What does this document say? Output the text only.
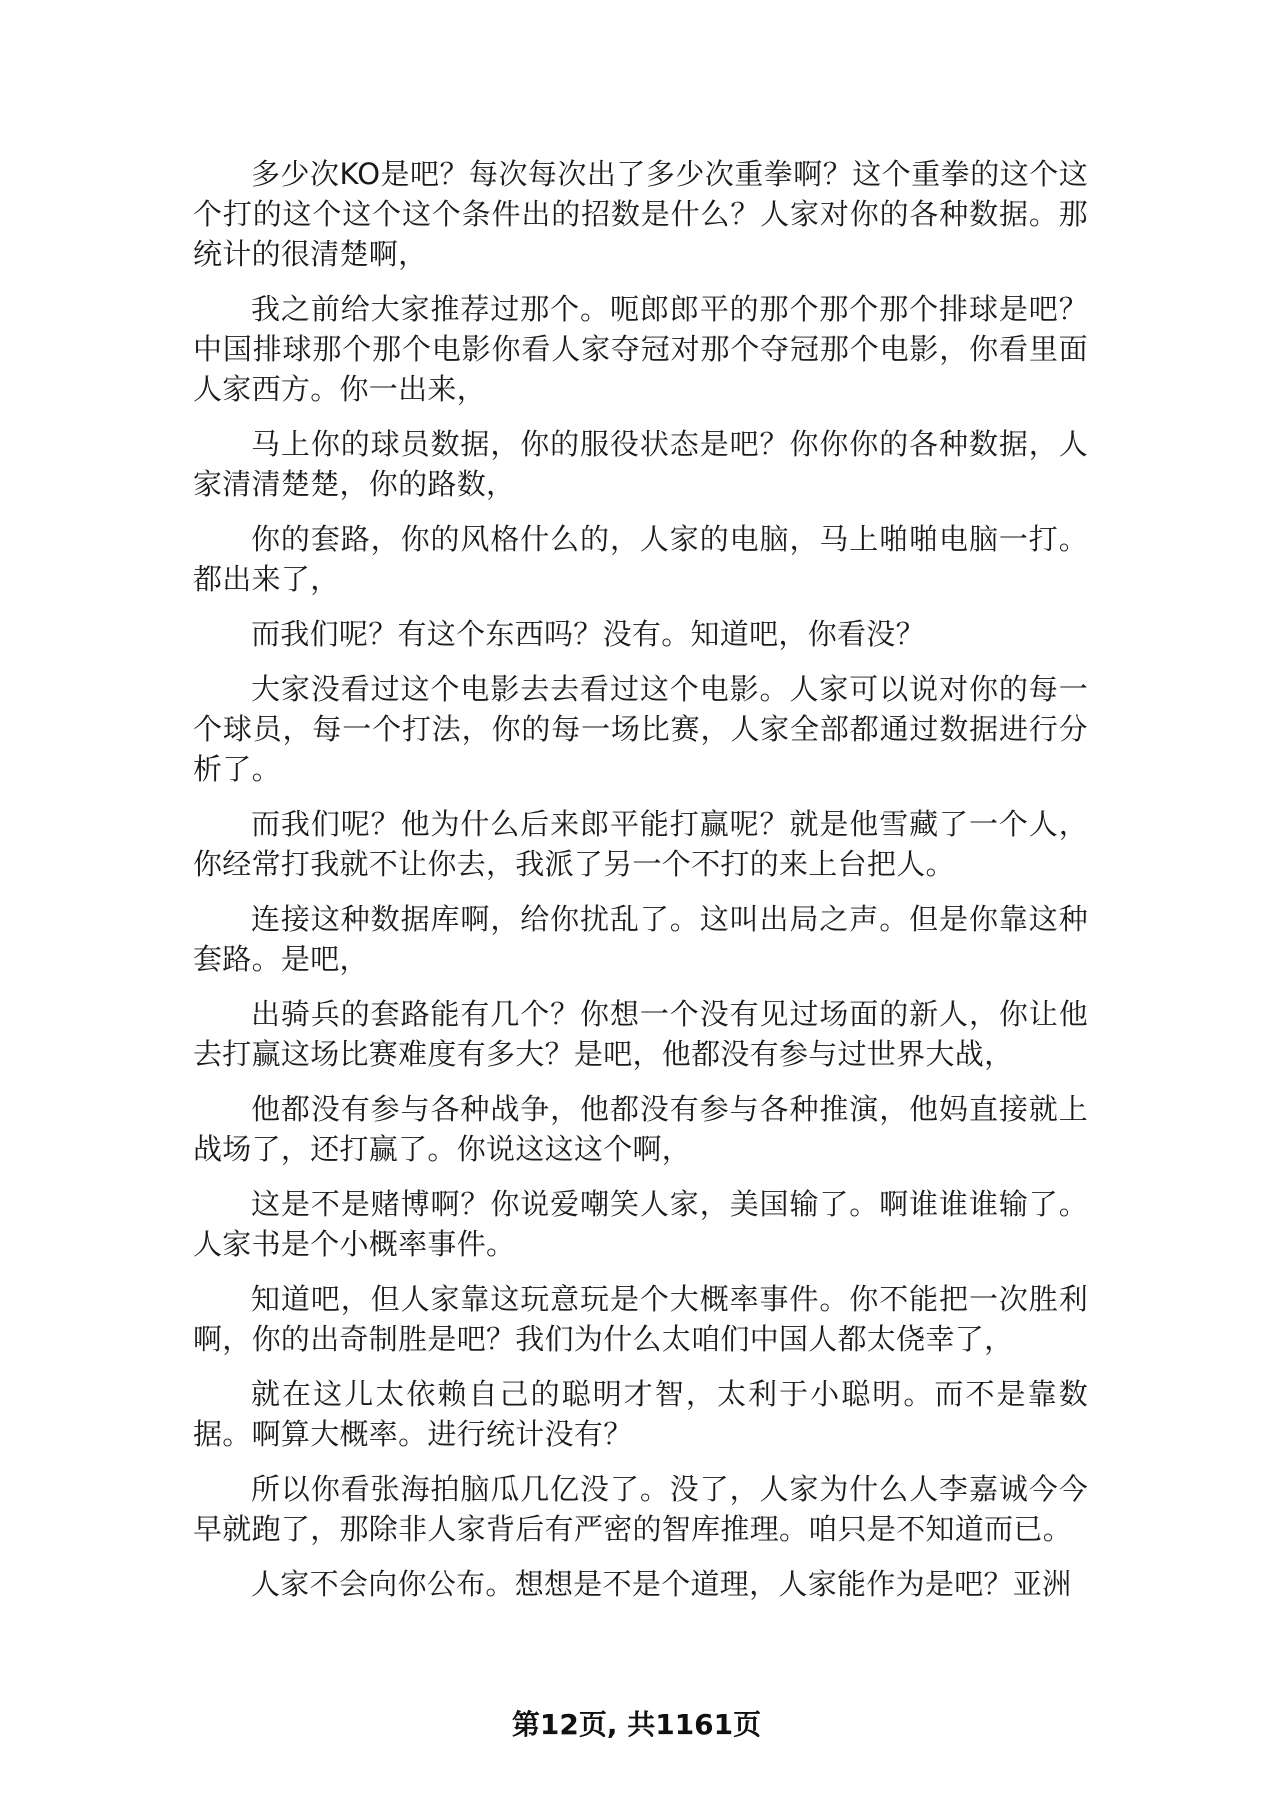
多少次KO是吧？每次每次出了多少次重拳啊？这个重拳的这个这个打的这个这个这个条件出的招数是什么？人家对你的各种数据。那统计的很清楚啊，

我之前给大家推荐过那个。呃郎郎平的那个那个那个排球是吧？中国排球那个那个电影你看人家夺冠对那个夺冠那个电影，你看里面人家西方。你一出来，

马上你的球员数据，你的服役状态是吧？你你你的各种数据，人家清清楚楚，你的路数，

你的套路，你的风格什么的，人家的电脑，马上啪啪电脑一打。都出来了，

而我们呢？有这个东西吗？没有。知道吧，你看没？

大家没看过这个电影去去看过这个电影。人家可以说对你的每一个球员，每一个打法，你的每一场比赛，人家全部都通过数据进行分析了。

而我们呢？他为什么后来郎平能打赢呢？就是他雪藏了一个人，你经常打我就不让你去，我派了另一个不打的来上台把人。

连接这种数据库啊，给你扰乱了。这叫出局之声。但是你靠这种套路。是吧，

出骑兵的套路能有几个？你想一个没有见过场面的新人，你让他去打赢这场比赛难度有多大？是吧，他都没有参与过世界大战，

他都没有参与各种战争，他都没有参与各种推演，他妈直接就上战场了，还打赢了。你说这这这个啊，

这是不是赌博啊？你说爱嘲笑人家，美国输了。啊谁谁谁输了。人家书是个小概率事件。

知道吧，但人家靠这玩意玩是个大概率事件。你不能把一次胜利啊，你的出奇制胜是吧？我们为什么太咱们中国人都太侥幸了，

就在这儿太依赖自己的聪明才智，太利于小聪明。而不是靠数据。啊算大概率。进行统计没有？

所以你看张海拍脑瓜几亿没了。没了，人家为什么人李嘉诚今今早就跑了，那除非人家背后有严密的智库推理。咱只是不知道而已。

人家不会向你公布。想想是不是个道理，人家能作为是吧？亚洲

第12页, 共1161页
